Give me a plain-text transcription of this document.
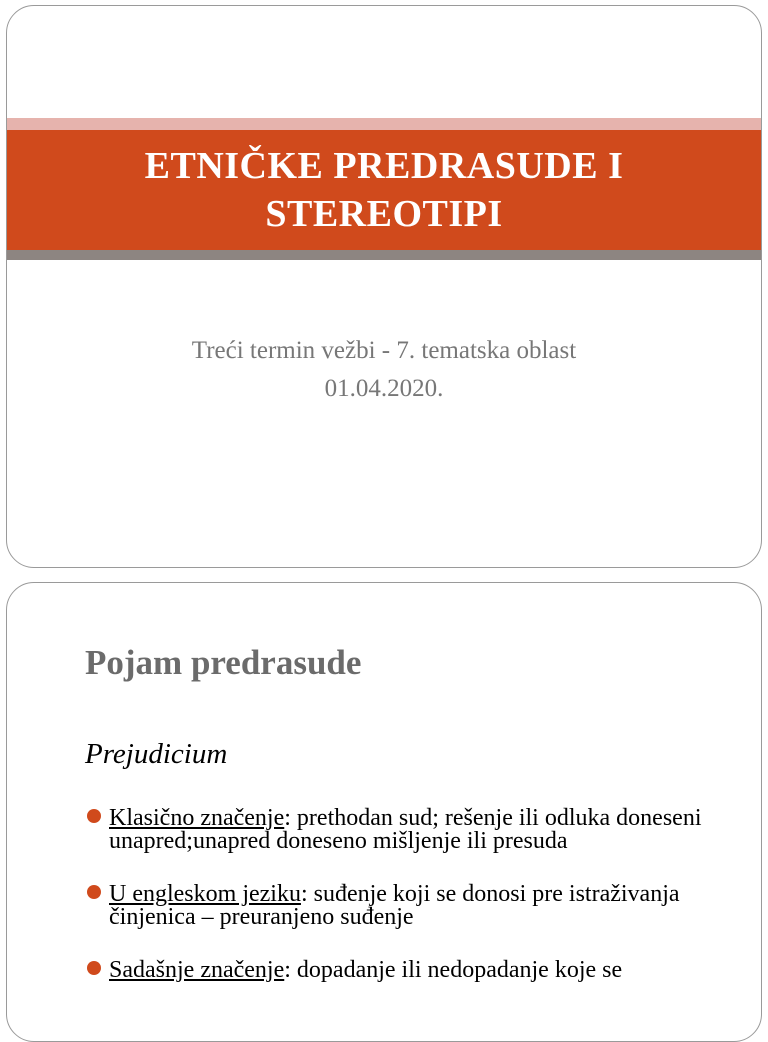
ETNIČKE PREDRASUDE I STEREOTIPI
Treći termin vežbi - 7. tematska oblast
01.04.2020.
Pojam predrasude
Prejudicium
Klasično značenje: prethodan sud; rešenje ili odluka doneseni unapred;unapred doneseno mišljenje ili presuda
U engleskom jeziku: suđenje koji se donosi pre istraživanja činjenica – preuranjeno suđenje
Sadašnje značenje: dopadanje ili nedopadanje koje se
